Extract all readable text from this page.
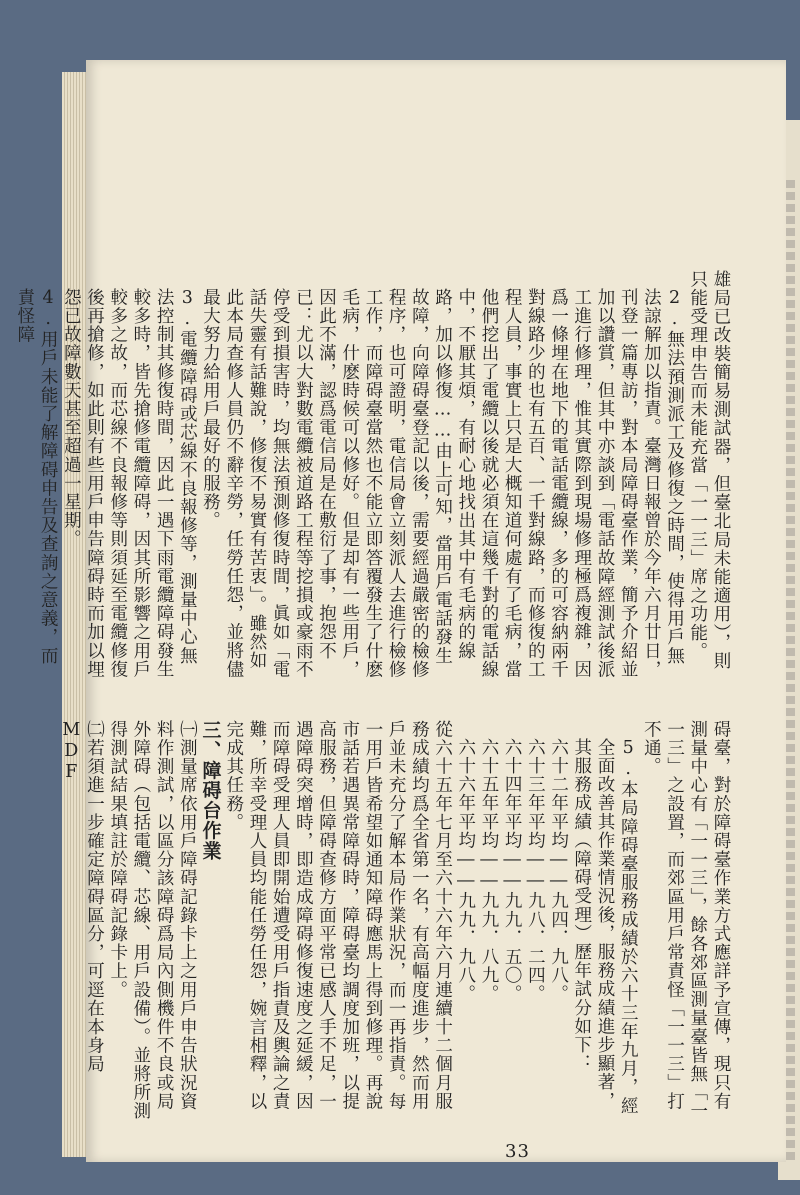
雄局已改裝簡易測試器，但臺北局未能適用），則只能受理申告而未能充當「一一三」席之功能。

2.無法預測派工及修復之時間，使得用戶無法諒解加以指責。臺灣日報曾於今年六月廿日，刊登一篇專訪，對本局障碍臺作業，簡予介紹並加以讚賞，但其中亦談到「電話故障經測試後派工進行修理，惟其實際到現場修理極爲複雜，因爲一條埋在地下的電話電纜線，多的可容納兩千對線路少的也有五百、一千對線路，而修復的工程人員，事實上只是大概知道何處有了毛病，當他們挖出了電纜以後就必須在這幾千對的電話線中，不厭其煩，有耐心地找出其中有毛病的線路，加以修復……由上可知，當用戶電話發生故障，向障碍臺登記以後，需要經過嚴密的檢修程序，也可證明，電信局會立刻派人去進行檢修工作，而障碍臺當然也不能立即答覆發生了什麽毛病，什麽時候可以修好。但是却有一些用戶，因此不滿，認爲電信局是在敷衍了事，抱怨不已：尤以大對數電纜被道路工程等挖損或豪雨不停受到損害時，均無法預測修復時間，眞如「電話失靈有話難說，修復不易實有苦衷」。雖然如此本局查修人員仍不辭辛勞，任勞任怨，並將儘最大努力給用戶最好的服務。

3.電纜障碍或芯線不良報修等，測量中心無法控制其修復時間，因此一遇下雨電纜障碍發生較多時，皆先搶修電纜障碍，因其所影響之用戶較多之故，而芯線不良報修等則須延至電纜修復後再搶修，如此則有些用戶申告障碍時而加以埋怨已故障數天甚至超過一星期。

4.用戶未能了解障碍申告及查詢之意義，而責怪障

碍臺，對於障碍臺作業方式應詳予宣傳，現只有測量中心有「一一三」，餘各郊區測量臺皆無「一一三」之設置，而郊區用戶常責怪「一一三」打不通。

5.本局障碍臺服務成績於六十三年九月，經全面改善其作業情況後，服務成績進步顯著，其服務成績（障碍受理）歷年試分如下：

六十二年平均――九四．九八。

六十三年平均――九八．二四。

六十四年平均――九九．五〇。

六十五年平均――九九．八九。

六十六年平均――九九．九八。

從六十五年七月至六十六年六月連續十二個月服務成績均爲全省第一名，有高幅度進步，然而用戶並未充分了解本局作業狀況，而一再指責。每一用戶皆希望如通知障碍應馬上得到修理。再說市話若遇異常障碍時，障碍臺均調度加班，以提高服務，但障碍查修方面平常已感人手不足，一遇障碍突增時，即造成障碍修復速度之延緩，因而障碍受理人員即開始遭受用戶指責及輿論之責難，所幸受理人員均能任勞任怨，婉言相釋，以完成其任務。

三、障碍台作業

㈠測量席依用戶障碍記錄卡上之用戶申告狀況資料作測試，以區分該障碍爲局內側機件不良或局外障碍（包括電纜、芯線、用戶設備）。並將所測得測試結果填註於障碍記錄卡上。

㈡若須進一步確定障碍區分，可逕在本身局 MDF

33
